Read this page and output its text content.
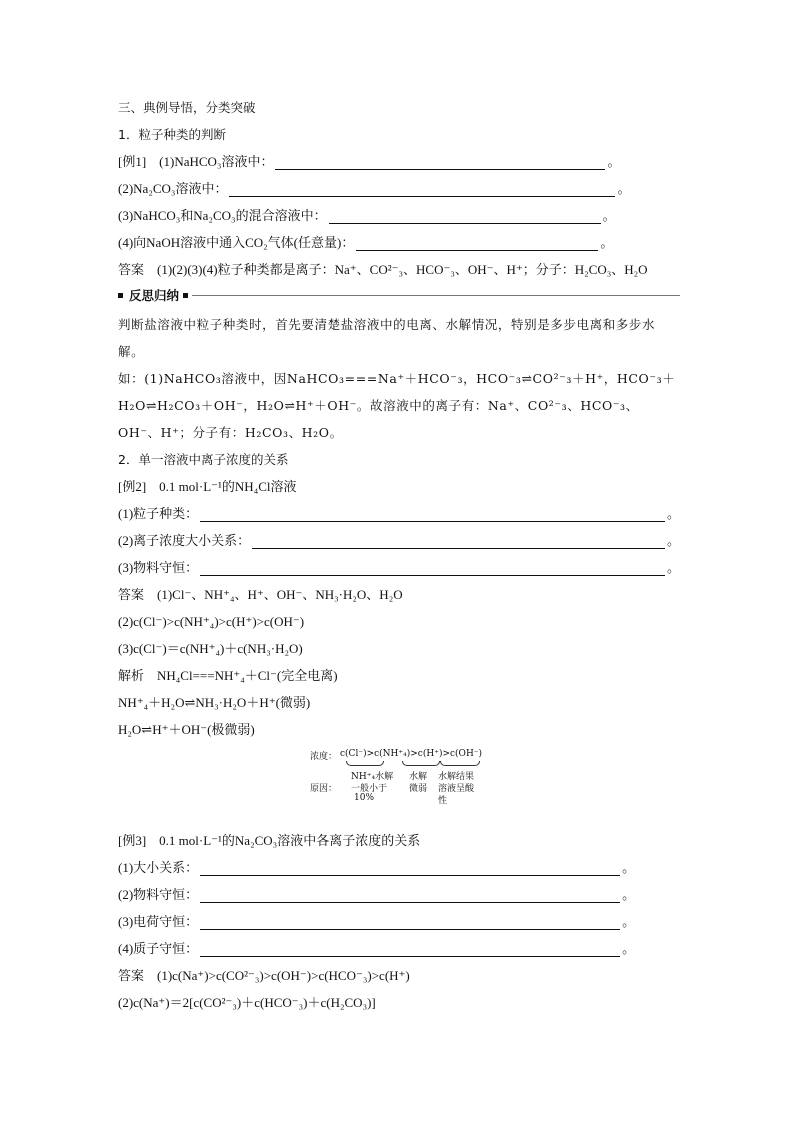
三、典例导悟，分类突破
1．粒子种类的判断
[例1]　(1)NaHCO₃溶液中：	。
(2)Na₂CO₃溶液中：	。
(3)NaHCO₃和Na₂CO₃的混合溶液中：	。
(4)向NaOH溶液中通入CO₂气体(任意量)：	。
答案　(1)(2)(3)(4)粒子种类都是离子：Na⁺、CO²⁻₃、HCO⁻₃、OH⁻、H⁺；分子：H₂CO₃、H₂O
反思归纳
判断盐溶液中粒子种类时，首先要清楚盐溶液中的电离、水解情况，特别是多步电离和多步水解。
如：(1)NaHCO₃溶液中，因NaHCO₃===Na⁺＋HCO⁻₃，HCO⁻₃⇌CO²⁻₃＋H⁺，HCO⁻₃＋H₂O⇌H₂CO₃＋OH⁻，H₂O⇌H⁺＋OH⁻。故溶液中的离子有：Na⁺、CO²⁻₃、HCO⁻₃、OH⁻、H⁺；分子有：H₂CO₃、H₂O。
2．单一溶液中离子浓度的关系
[例2]　0.1 mol·L⁻¹的NH₄Cl溶液
(1)粒子种类：	。
(2)离子浓度大小关系：	。
(3)物料守恒：	。
答案　(1)Cl⁻、NH⁺₄、H⁺、OH⁻、NH₃·H₂O、H₂O
(2)c(Cl⁻)>c(NH⁺₄)>c(H⁺)>c(OH⁻)
(3)c(Cl⁻)＝c(NH⁺₄)＋c(NH₃·H₂O)
解析　NH₄Cl===NH⁺₄＋Cl⁻(完全电离)
NH⁺₄＋H₂O⇌NH₃·H₂O＋H⁺(微弱)
H₂O⇌H⁺＋OH⁻(极微弱)
浓度： c(Cl⁻)>c(NH⁺₄)>c(H⁺)>c(OH⁻)
NH⁺₄水解
原因： 一般小于
10%
水解
微弱
水解结果
溶液呈酸
性
[例3]　0.1 mol·L⁻¹的Na₂CO₃溶液中各离子浓度的关系
(1)大小关系：	。
(2)物料守恒：	。
(3)电荷守恒：	。
(4)质子守恒：	。
答案　(1)c(Na⁺)>c(CO²⁻₃)>c(OH⁻)>c(HCO⁻₃)>c(H⁺)
(2)c(Na⁺)＝2[c(CO²⁻₃)＋c(HCO⁻₃)＋c(H₂CO₃)]
